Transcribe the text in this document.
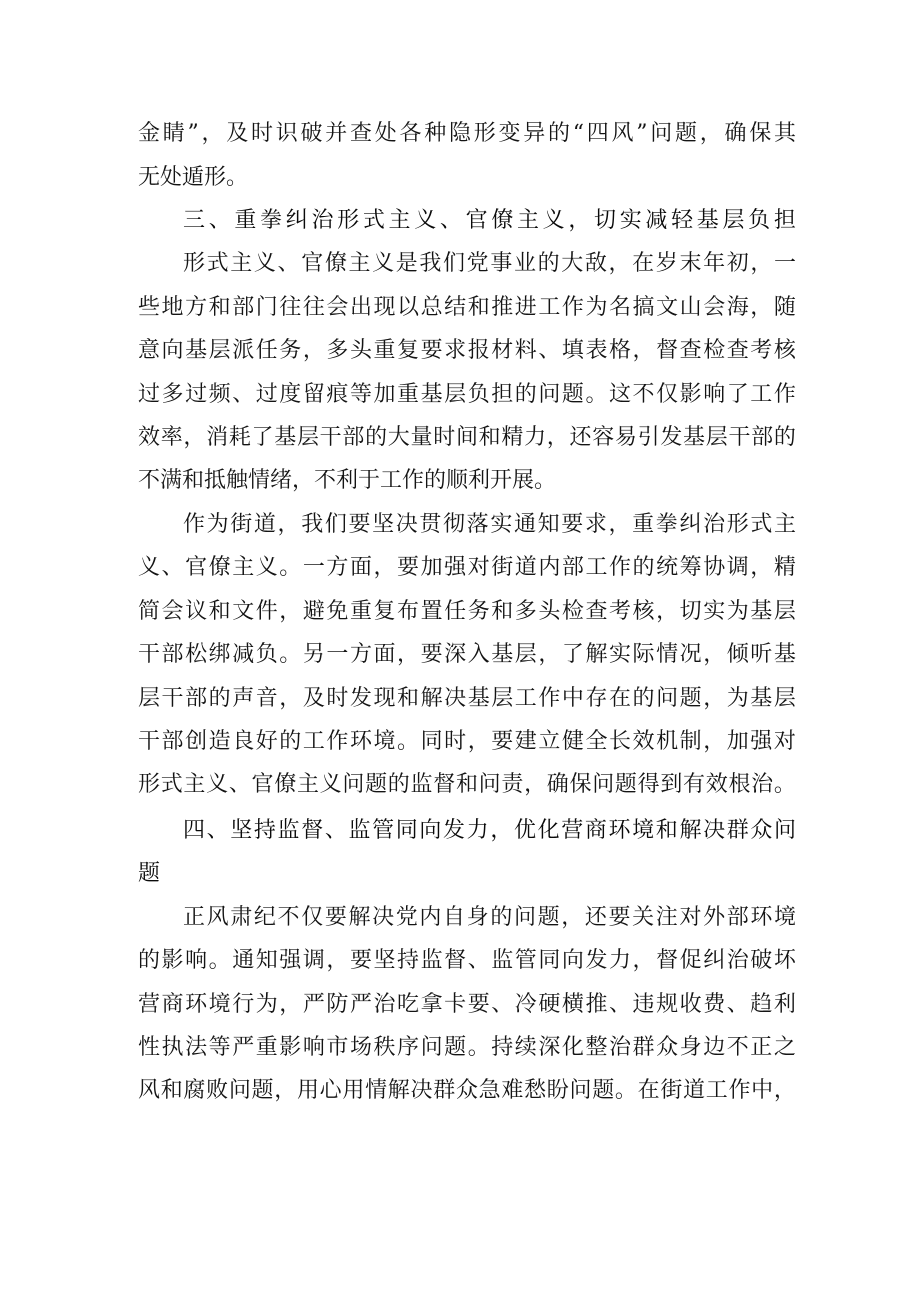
金睛”，及时识破并查处各种隐形变异的“四风”问题，确保其
无处遁形。
三、重拳纠治形式主义、官僚主义，切实减轻基层负担
形式主义、官僚主义是我们党事业的大敌，在岁末年初，一
些地方和部门往往会出现以总结和推进工作为名搞文山会海，随
意向基层派任务，多头重复要求报材料、填表格，督查检查考核
过多过频、过度留痕等加重基层负担的问题。这不仅影响了工作
效率，消耗了基层干部的大量时间和精力，还容易引发基层干部的
不满和抵触情绪，不利于工作的顺利开展。
作为街道，我们要坚决贯彻落实通知要求，重拳纠治形式主
义、官僚主义。一方面，要加强对街道内部工作的统筹协调，精
简会议和文件，避免重复布置任务和多头检查考核，切实为基层
干部松绑减负。另一方面，要深入基层，了解实际情况，倾听基
层干部的声音，及时发现和解决基层工作中存在的问题，为基层
干部创造良好的工作环境。同时，要建立健全长效机制，加强对
形式主义、官僚主义问题的监督和问责，确保问题得到有效根治。
四、坚持监督、监管同向发力，优化营商环境和解决群众问
题
正风肃纪不仅要解决党内自身的问题，还要关注对外部环境
的影响。通知强调，要坚持监督、监管同向发力，督促纠治破坏
营商环境行为，严防严治吃拿卡要、冷硬横推、违规收费、趋利
性执法等严重影响市场秩序问题。持续深化整治群众身边不正之
风和腐败问题，用心用情解决群众急难愁盼问题。在街道工作中，
